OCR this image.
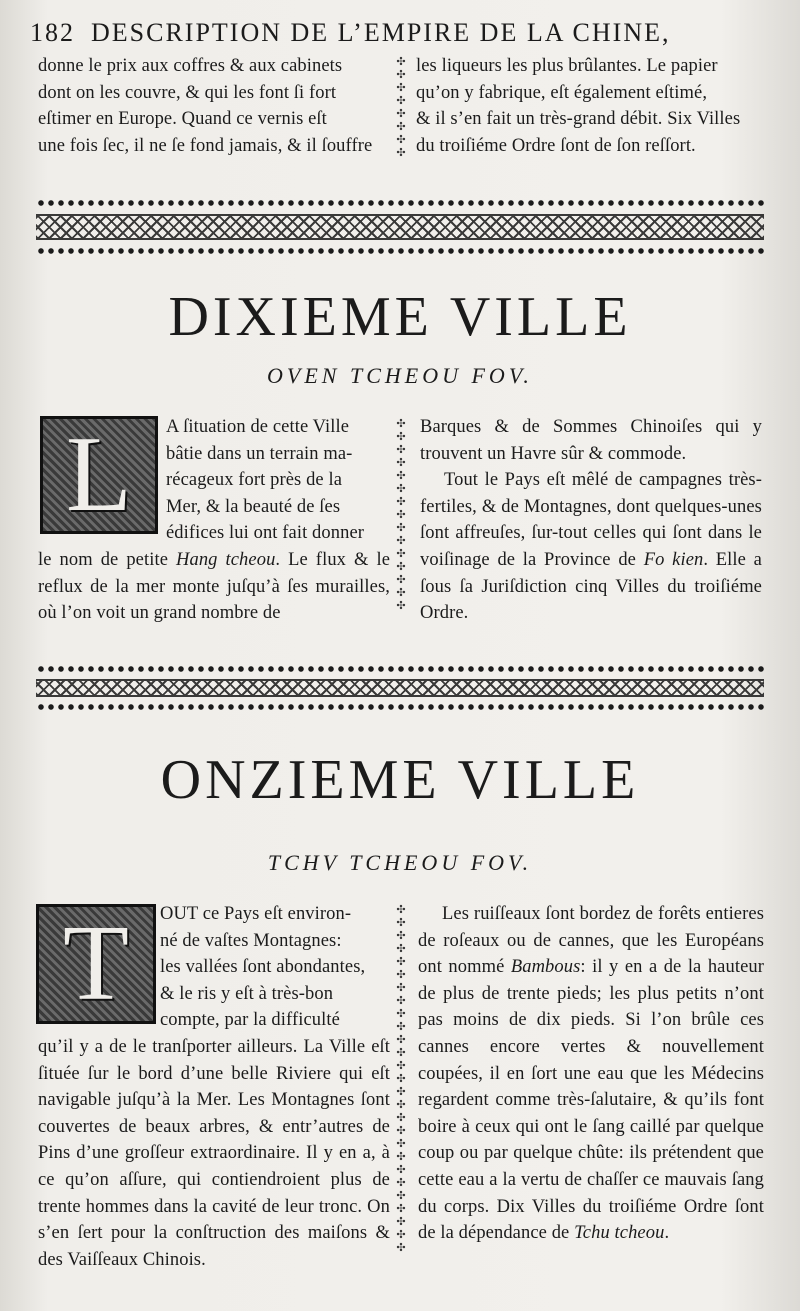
182 DESCRIPTION DE L’EMPIRE DE LA CHINE,

donne le prix aux coffres & aux cabinets

dont on les couvre, & qui les font ſi fort

eſtimer en Europe. Quand ce vernis eſt

une fois ſec, il ne ſe fond jamais, & il ſouffre

✣
✣
✣
✣
✣
✣
✣
✣

les liqueurs les plus brûlantes. Le papier

qu’on y fabrique, eſt également eſtimé,

& il s’en fait un très-grand débit. Six Villes

du troiſiéme Ordre ſont de ſon reſſort.

DIXIEME VILLE
OVEN TCHEOU FOV.
L A ſituation de cette Ville

bâtie dans un terrain ma-

récageux fort près de la

Mer, & la beauté de ſes

édifices lui ont fait donner

le nom de petite Hang tcheou. Le flux & le reflux de la mer monte juſqu’à ſes murailles, où l’on voit un grand nombre de

✣
✣
✣
✣
✣
✣
✣
✣
✣
✣
✣
✣
✣
✣
✣

Barques & de Sommes Chinoiſes qui y trouvent un Havre sûr & commode.

Tout le Pays eſt mêlé de campagnes très-fertiles, & de Montagnes, dont quelques-unes ſont affreuſes, ſur-tout celles qui ſont dans le voiſinage de la Province de Fo kien. Elle a ſous ſa Juriſdiction cinq Villes du troiſiéme Ordre.

ONZIEME VILLE
TCHV TCHEOU FOV.
T OUT ce Pays eſt environ-

né de vaſtes Montagnes:

les vallées ſont abondantes,

& le ris y eſt à très-bon

compte, par la difficulté

qu’il y a de le tranſporter ailleurs. La Ville eſt ſituée ſur le bord d’une belle Riviere qui eſt navigable juſqu’à la Mer. Les Montagnes ſont couvertes de beaux arbres, & entr’autres de Pins d’une groſſeur extraordinaire. Il y en a, à ce qu’on aſſure, qui contiendroient plus de trente hommes dans la cavité de leur tronc. On s’en ſert pour la conſtruction des maiſons & des Vaiſſeaux Chinois.

✣
✣
✣
✣
✣
✣
✣
✣
✣
✣
✣
✣
✣
✣
✣
✣
✣
✣
✣
✣
✣
✣
✣
✣
✣
✣
✣

Les ruiſſeaux ſont bordez de forêts entieres de roſeaux ou de cannes, que les Européans ont nommé Bambous: il y en a de la hauteur de plus de trente pieds; les plus petits n’ont pas moins de dix pieds. Si l’on brûle ces cannes encore vertes & nouvellement coupées, il en ſort une eau que les Médecins regardent comme très-ſalutaire, & qu’ils font boire à ceux qui ont le ſang caillé par quelque coup ou par quelque chûte: ils prétendent que cette eau a la vertu de chaſſer ce mauvais ſang du corps. Dix Villes du troiſiéme Ordre ſont de la dépendance de Tchu tcheou.
